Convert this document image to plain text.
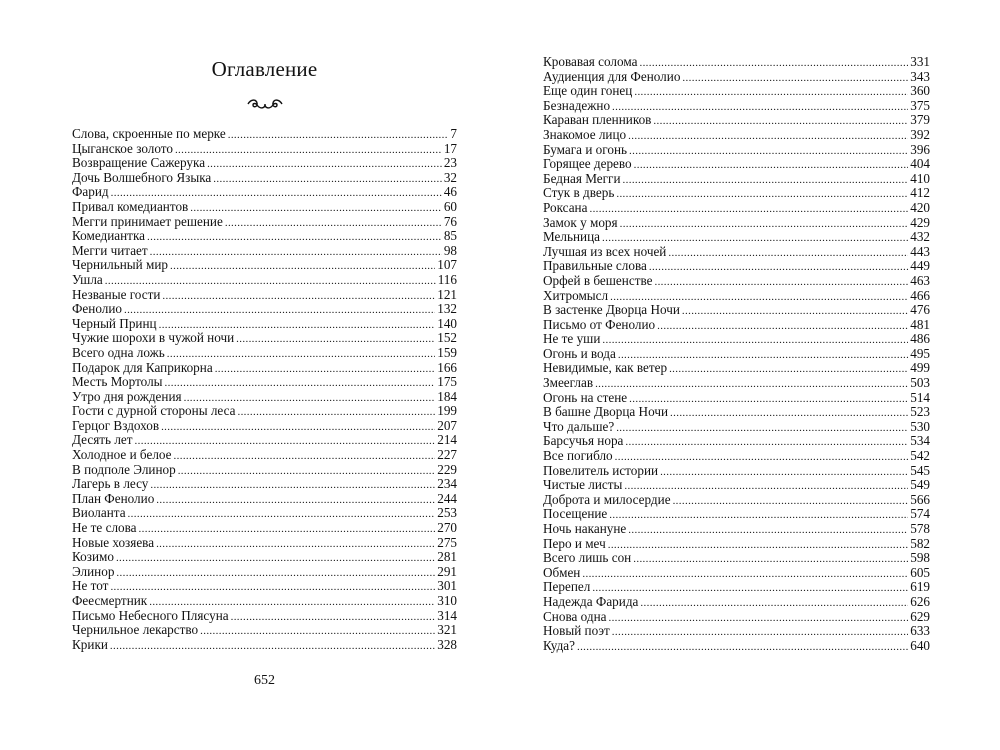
Оглавление
Слова, скроенные по мерке . . .	7
Цыганское золото . . .	17
Возвращение Сажерука . . .	23
Дочь Волшебного Языка . . .	32
Фарид . . .	46
Привал комедиантов . . .	60
Мегги принимает решение . . .	76
Комедиантка . . .	85
Мегги читает . . .	98
Чернильный мир . . .	107
Ушла . . .	116
Незваные гости . . .	121
Фенолио . . .	132
Черный Принц . . .	140
Чужие шорохи в чужой ночи . . .	152
Всего одна ложь . . .	159
Подарок для Каприкорна . . .	166
Месть Мортолы . . .	175
Утро дня рождения . . .	184
Гости с дурной стороны леса . . .	199
Герцог Вздохов . . .	207
Десять лет . . .	214
Холодное и белое . . .	227
В подполе Элинор . . .	229
Лагерь в лесу . . .	234
План Фенолио . . .	244
Виоланта . . .	253
Не те слова . . .	270
Новые хозяева . . .	275
Козимо . . .	281
Элинор . . .	291
Не тот . . .	301
Феесмертник . . .	310
Письмо Небесного Плясуна . . .	314
Чернильное лекарство . . .	321
Крики . . .	328
652
Кровавая солома . . .	331
Аудиенция для Фенолио . . .	343
Еще один гонец . . .	360
Безнадежно . . .	375
Караван пленников . . .	379
Знакомое лицо . . .	392
Бумага и огонь . . .	396
Горящее дерево . . .	404
Бедная Мегги . . .	410
Стук в дверь . . .	412
Роксана . . .	420
Замок у моря . . .	429
Мельница . . .	432
Лучшая из всех ночей . . .	443
Правильные слова . . .	449
Орфей в бешенстве . . .	463
Хитромысл . . .	466
В застенке Дворца Ночи . . .	476
Письмо от Фенолио . . .	481
Не те уши . . .	486
Огонь и вода . . .	495
Невидимые, как ветер . . .	499
Змееглав . . .	503
Огонь на стене . . .	514
В башне Дворца Ночи . . .	523
Что дальше? . . .	530
Барсучья нора . . .	534
Все погибло . . .	542
Повелитель истории . . .	545
Чистые листы . . .	549
Доброта и милосердие . . .	566
Посещение . . .	574
Ночь накануне . . .	578
Перо и меч . . .	582
Всего лишь сон . . .	598
Обмен . . .	605
Перепел . . .	619
Надежда Фарида . . .	626
Снова одна . . .	629
Новый поэт . . .	633
Куда? . . .	640
